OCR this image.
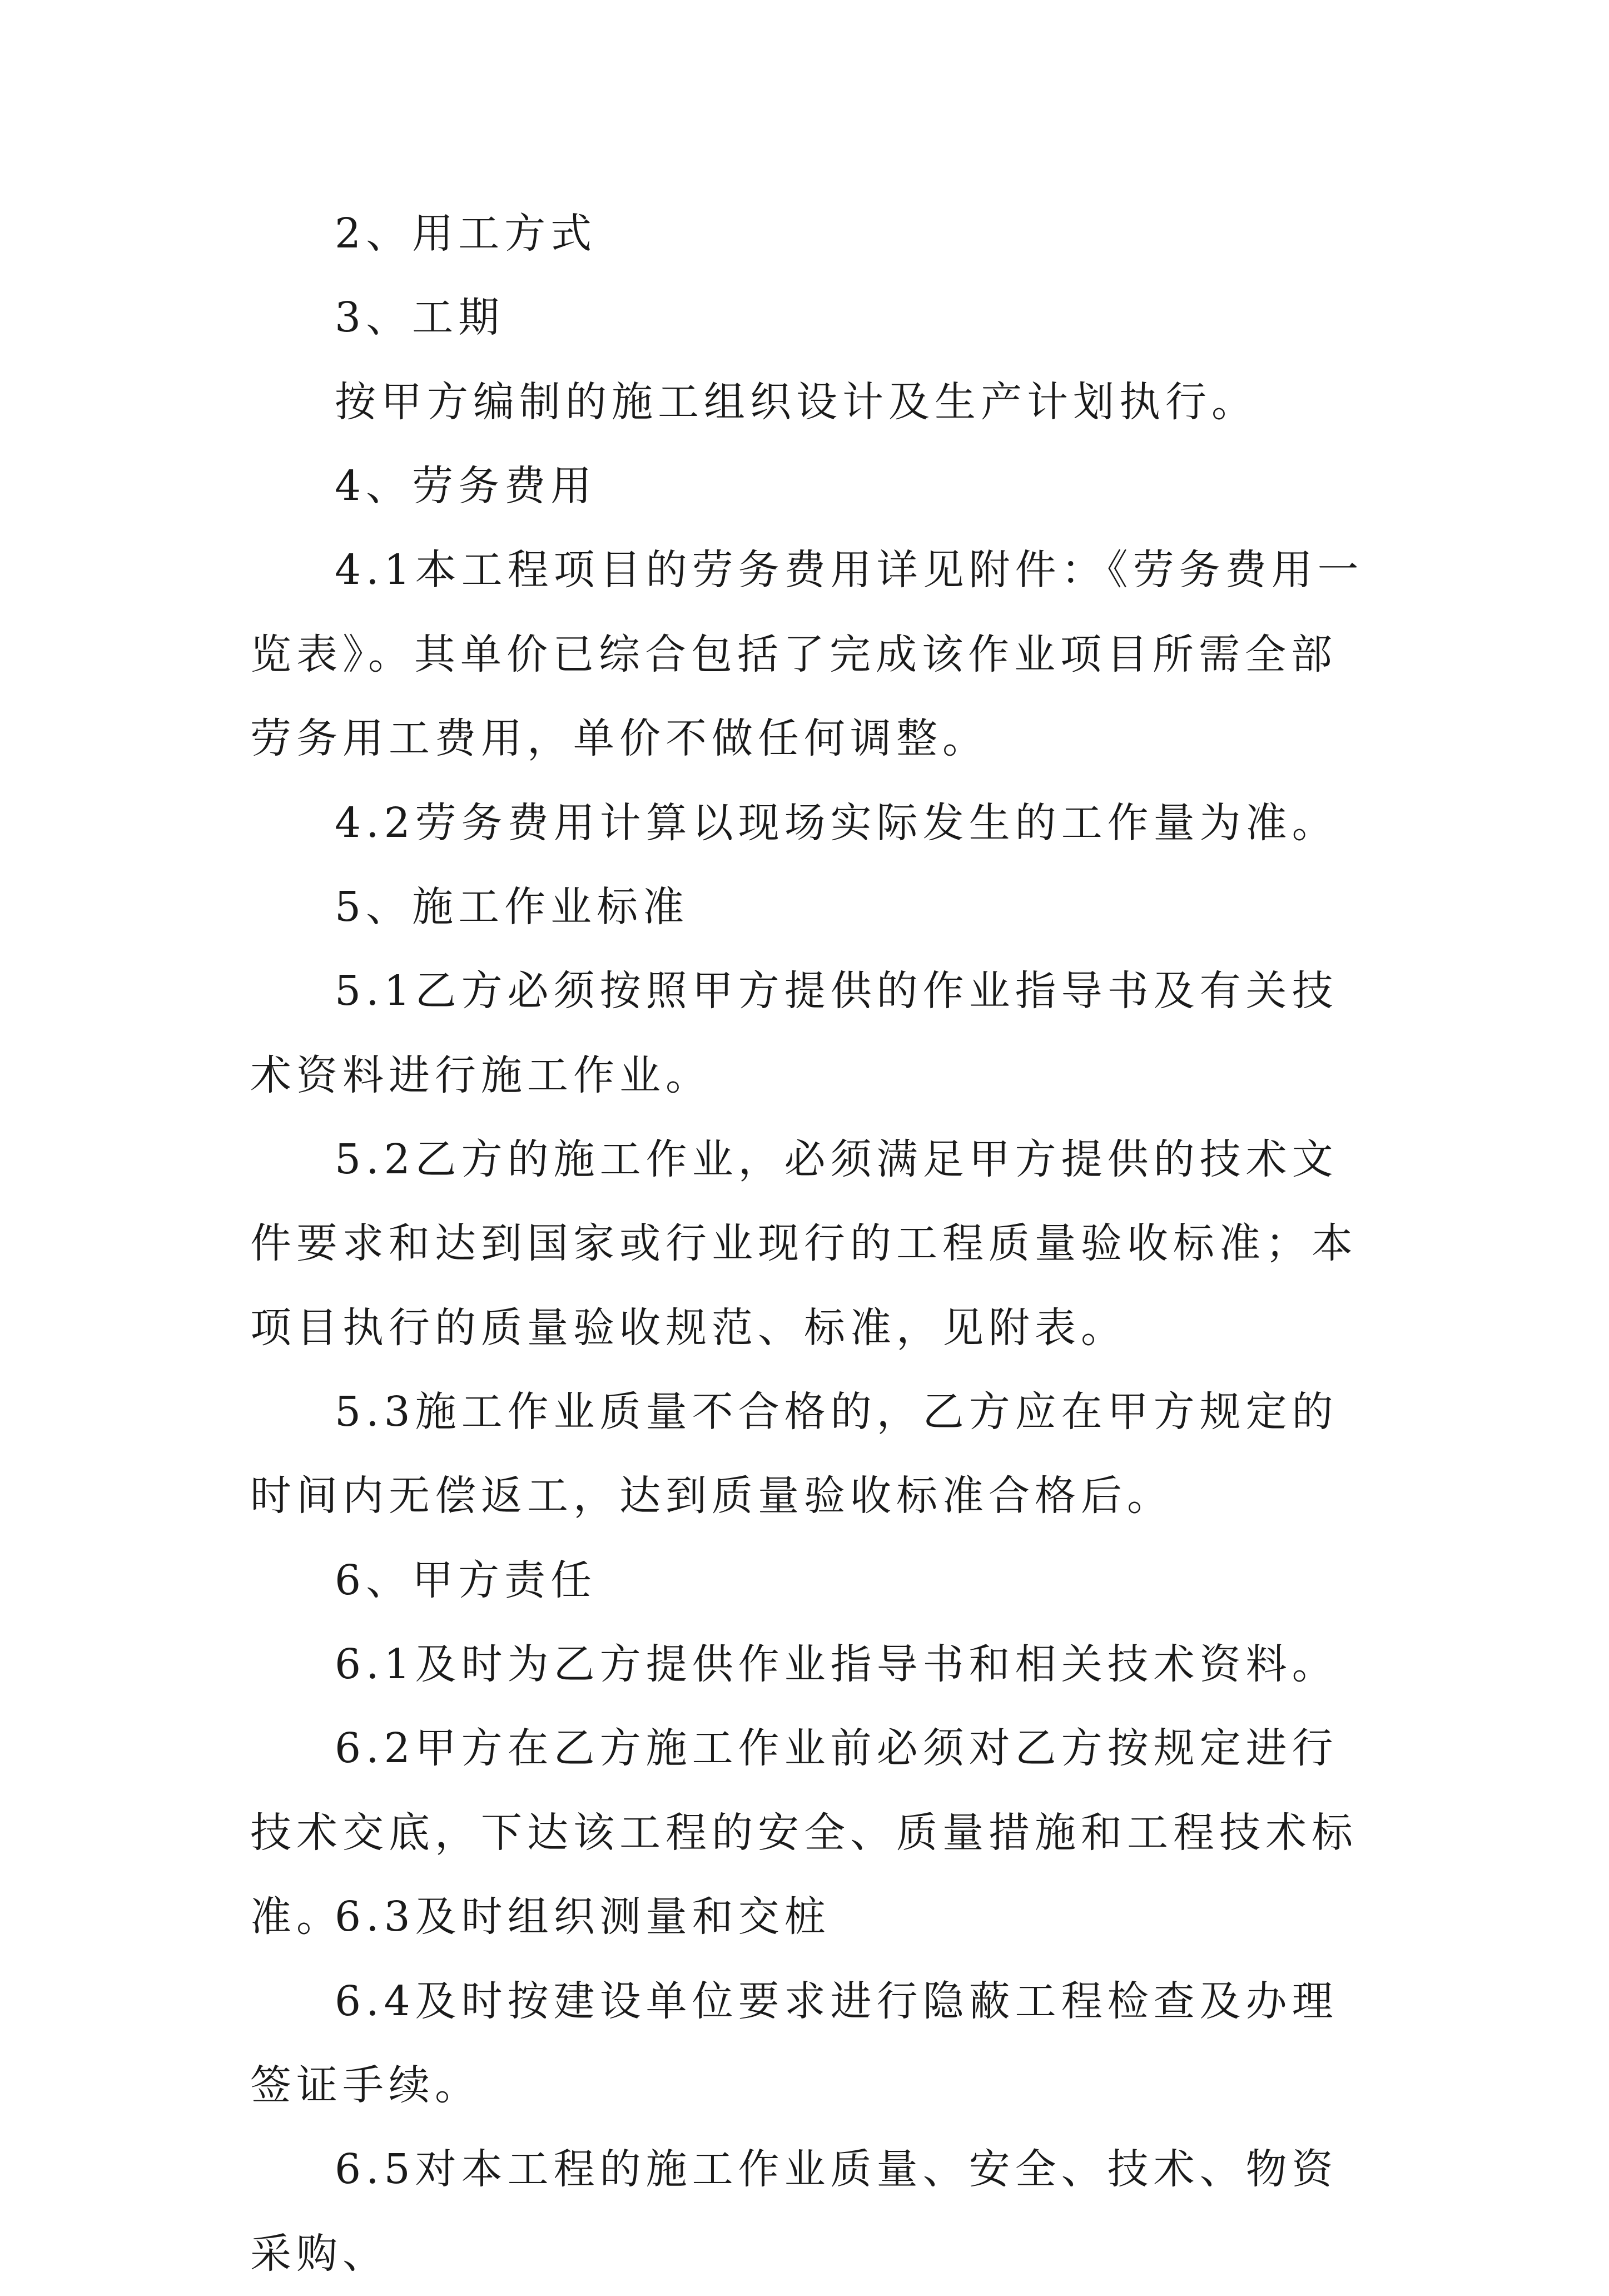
2、用工方式

3、工期

按甲方编制的施工组织设计及生产计划执行。

4、劳务费用

4.1本工程项目的劳务费用详见附件：《劳务费用一览表》。其单价已综合包括了完成该作业项目所需全部劳务用工费用，单价不做任何调整。

4.2劳务费用计算以现场实际发生的工作量为准。

5、施工作业标准

5.1乙方必须按照甲方提供的作业指导书及有关技术资料进行施工作业。

5.2乙方的施工作业，必须满足甲方提供的技术文件要求和达到国家或行业现行的工程质量验收标准；本项目执行的质量验收规范、标准，见附表。

5.3施工作业质量不合格的，乙方应在甲方规定的时间内无偿返工，达到质量验收标准合格后。

6、甲方责任

6.1及时为乙方提供作业指导书和相关技术资料。

6.2甲方在乙方施工作业前必须对乙方按规定进行技术交底，下达该工程的安全、质量措施和工程技术标准。

6.3及时组织测量和交桩

6.4及时按建设单位要求进行隐蔽工程检查及办理签证手续。

6.5对本工程的施工作业质量、安全、技术、物资采购、
